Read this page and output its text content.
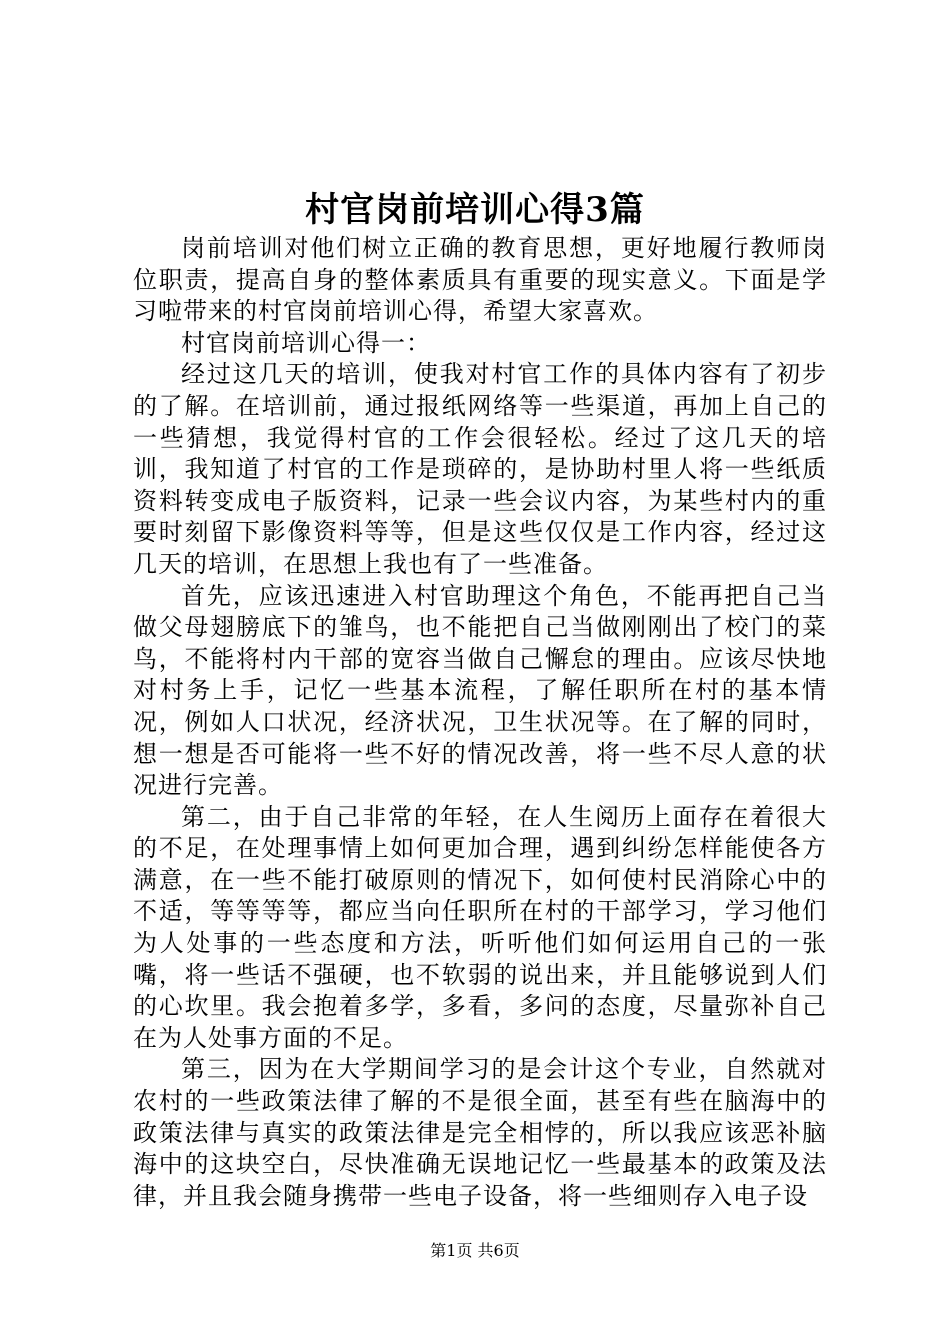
村官岗前培训心得3篇

岗前培训对他们树立正确的教育思想，更好地履行教师岗位职责，提高自身的整体素质具有重要的现实意义。下面是学习啦带来的村官岗前培训心得，希望大家喜欢。

村官岗前培训心得一：

经过这几天的培训，使我对村官工作的具体内容有了初步的了解。在培训前，通过报纸网络等一些渠道，再加上自己的一些猜想，我觉得村官的工作会很轻松。经过了这几天的培训，我知道了村官的工作是琐碎的，是协助村里人将一些纸质资料转变成电子版资料，记录一些会议内容，为某些村内的重要时刻留下影像资料等等，但是这些仅仅是工作内容，经过这几天的培训，在思想上我也有了一些准备。

首先，应该迅速进入村官助理这个角色，不能再把自己当做父母翅膀底下的雏鸟，也不能把自己当做刚刚出了校门的菜鸟，不能将村内干部的宽容当做自己懈怠的理由。应该尽快地对村务上手，记忆一些基本流程，了解任职所在村的基本情况，例如人口状况，经济状况，卫生状况等。在了解的同时，想一想是否可能将一些不好的情况改善，将一些不尽人意的状况进行完善。

第二，由于自己非常的年轻，在人生阅历上面存在着很大的不足，在处理事情上如何更加合理，遇到纠纷怎样能使各方满意，在一些不能打破原则的情况下，如何使村民消除心中的不适，等等等等，都应当向任职所在村的干部学习，学习他们为人处事的一些态度和方法，听听他们如何运用自己的一张嘴，将一些话不强硬，也不软弱的说出来，并且能够说到人们的心坎里。我会抱着多学，多看，多问的态度，尽量弥补自己在为人处事方面的不足。

第三，因为在大学期间学习的是会计这个专业，自然就对农村的一些政策法律了解的不是很全面，甚至有些在脑海中的政策法律与真实的政策法律是完全相悖的，所以我应该恶补脑海中的这块空白，尽快准确无误地记忆一些最基本的政策及法律，并且我会随身携带一些电子设备，将一些细则存入电子设

第1页 共6页
